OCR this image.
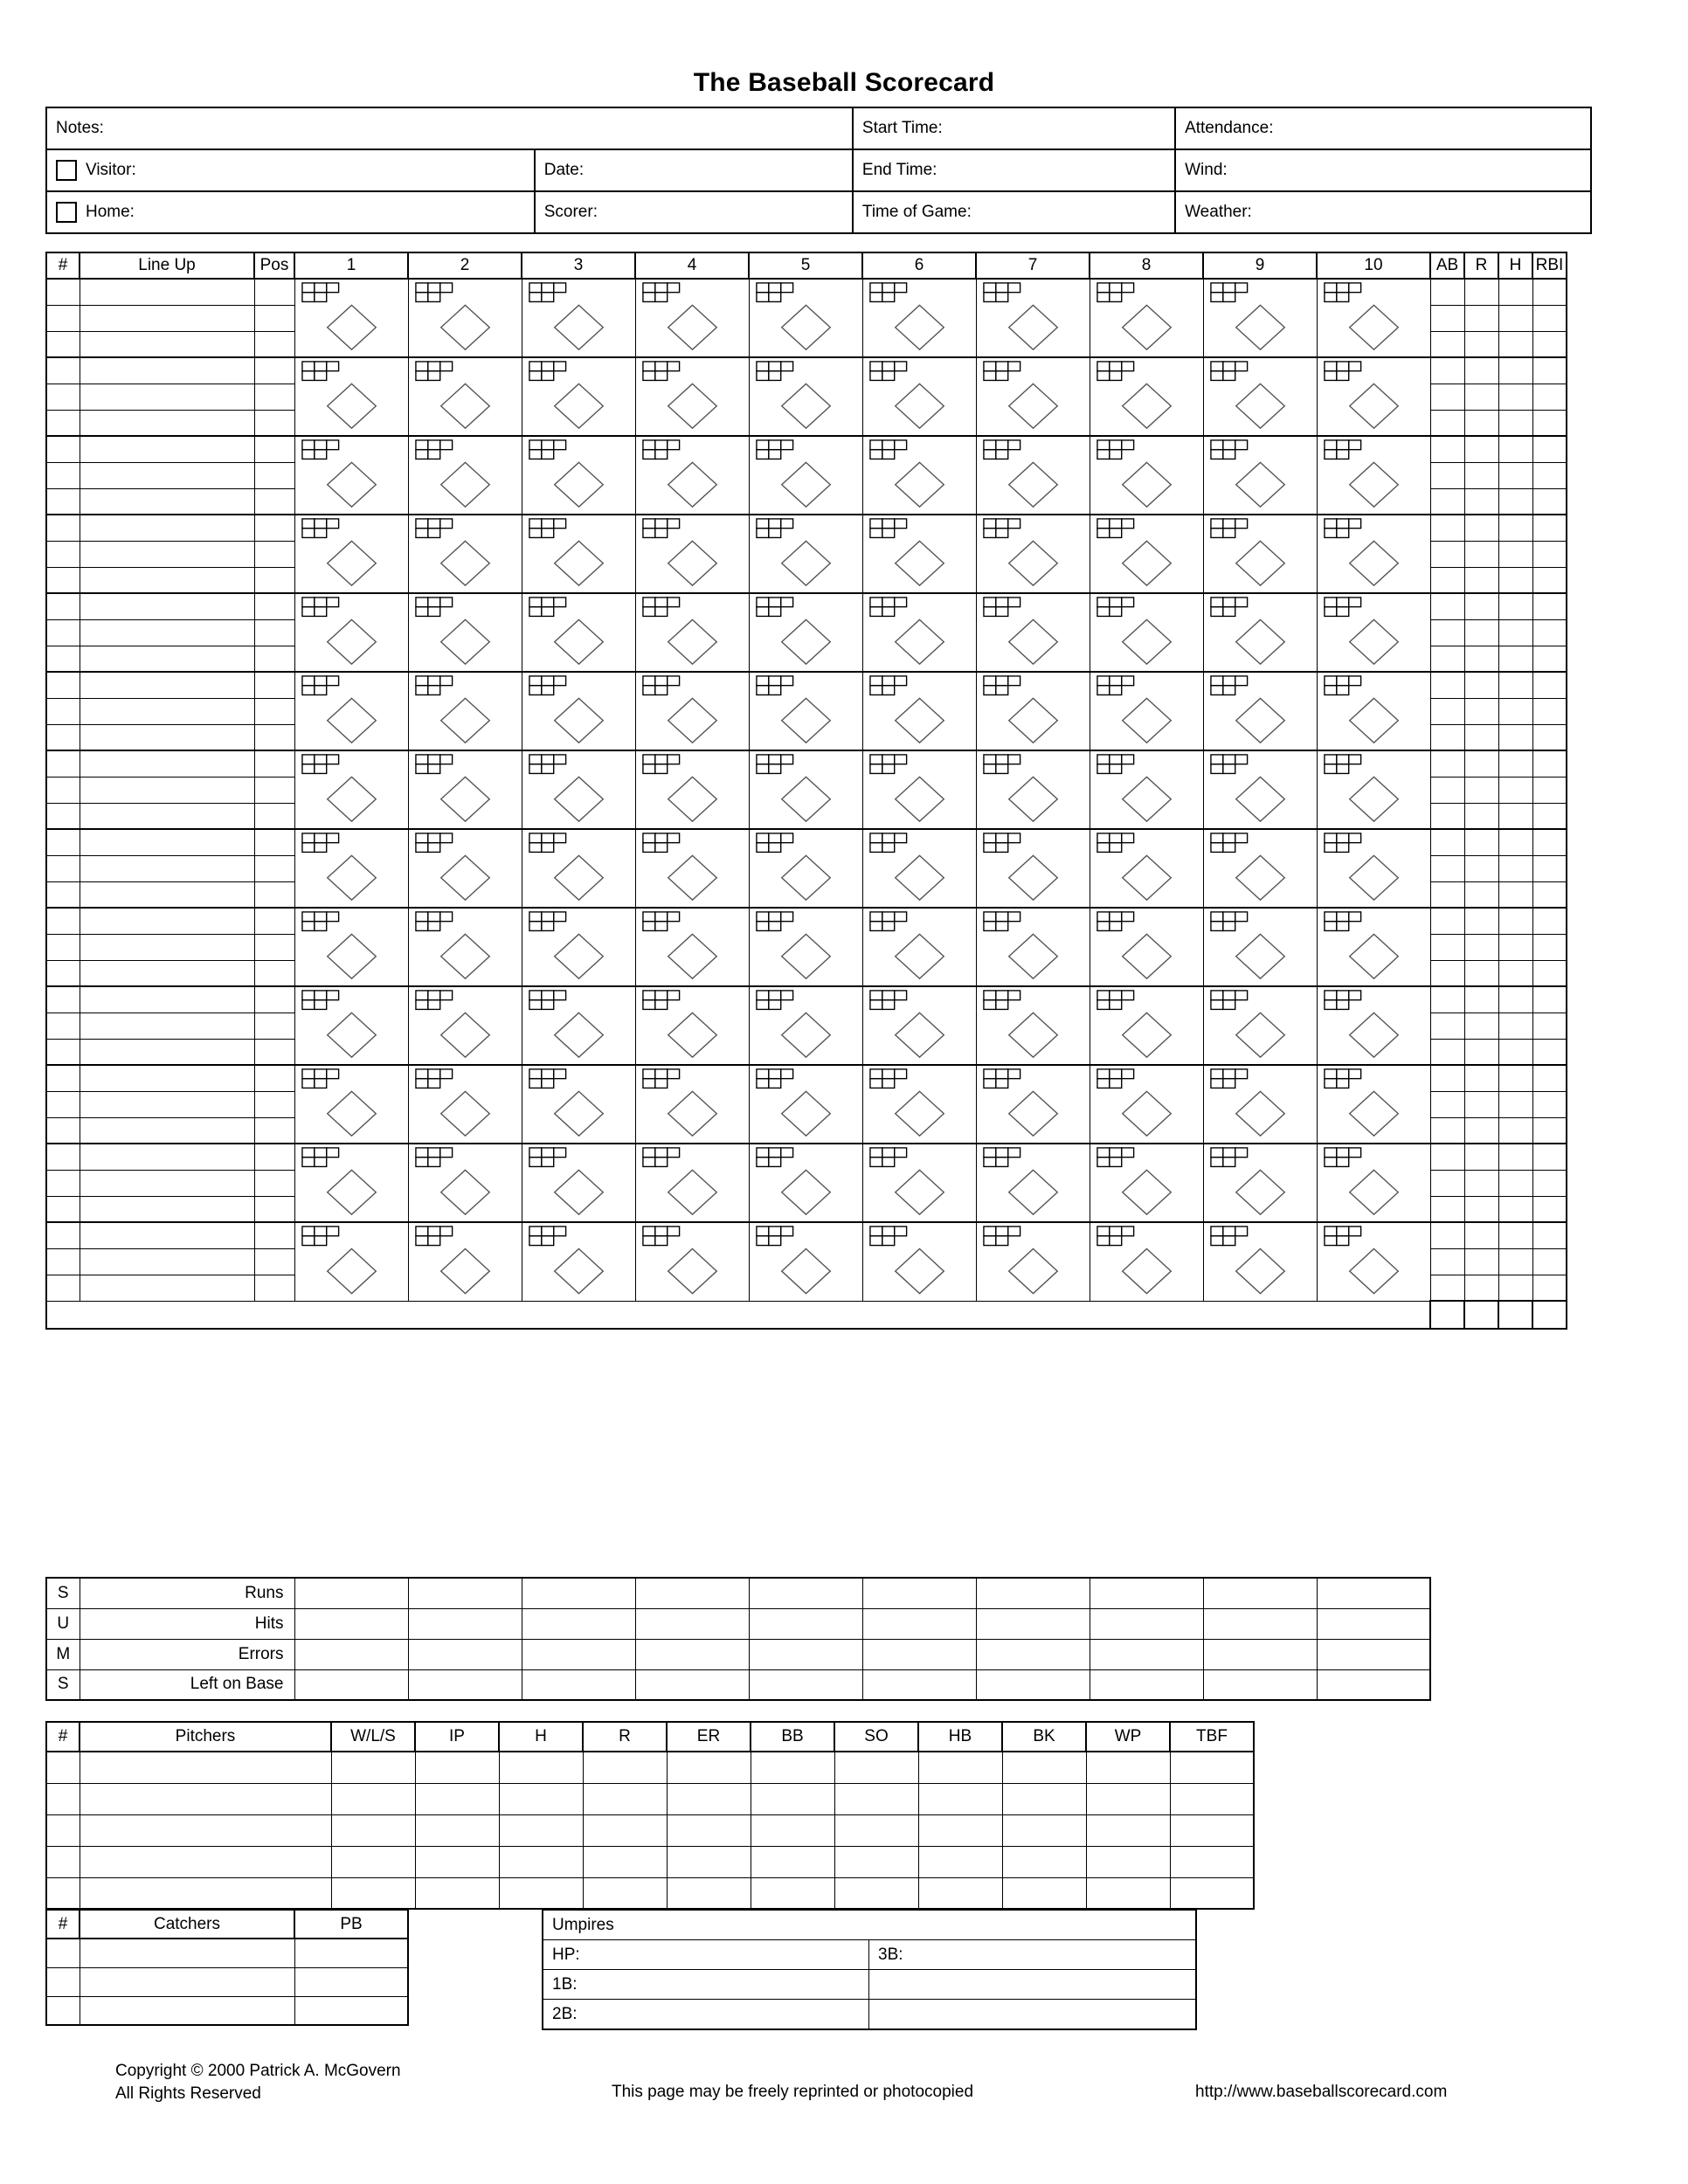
The Baseball Scorecard
Notes:	Start Time:	Attendance:
Visitor:	Date:	End Time:	Wind:
Home:	Scorer:	Time of Game:	Weather:
#	Line Up	Pos	1	2	3	4	5	6	7	8	9	10	AB	R	H	RBI

S	Runs										
U	Hits										
M	Errors										
S	Left on Base										
#	Pitchers	W/L/S	IP	H	R	ER	BB	SO	HB	BK	WP	TBF

#	Catchers	PB

			Umpires
HP:	3B:
1B:
2B:
Copyright © 2000 Patrick A. McGovern
All Rights Reserved	This page may be freely reprinted or photocopied	http://www.baseballscorecard.com
